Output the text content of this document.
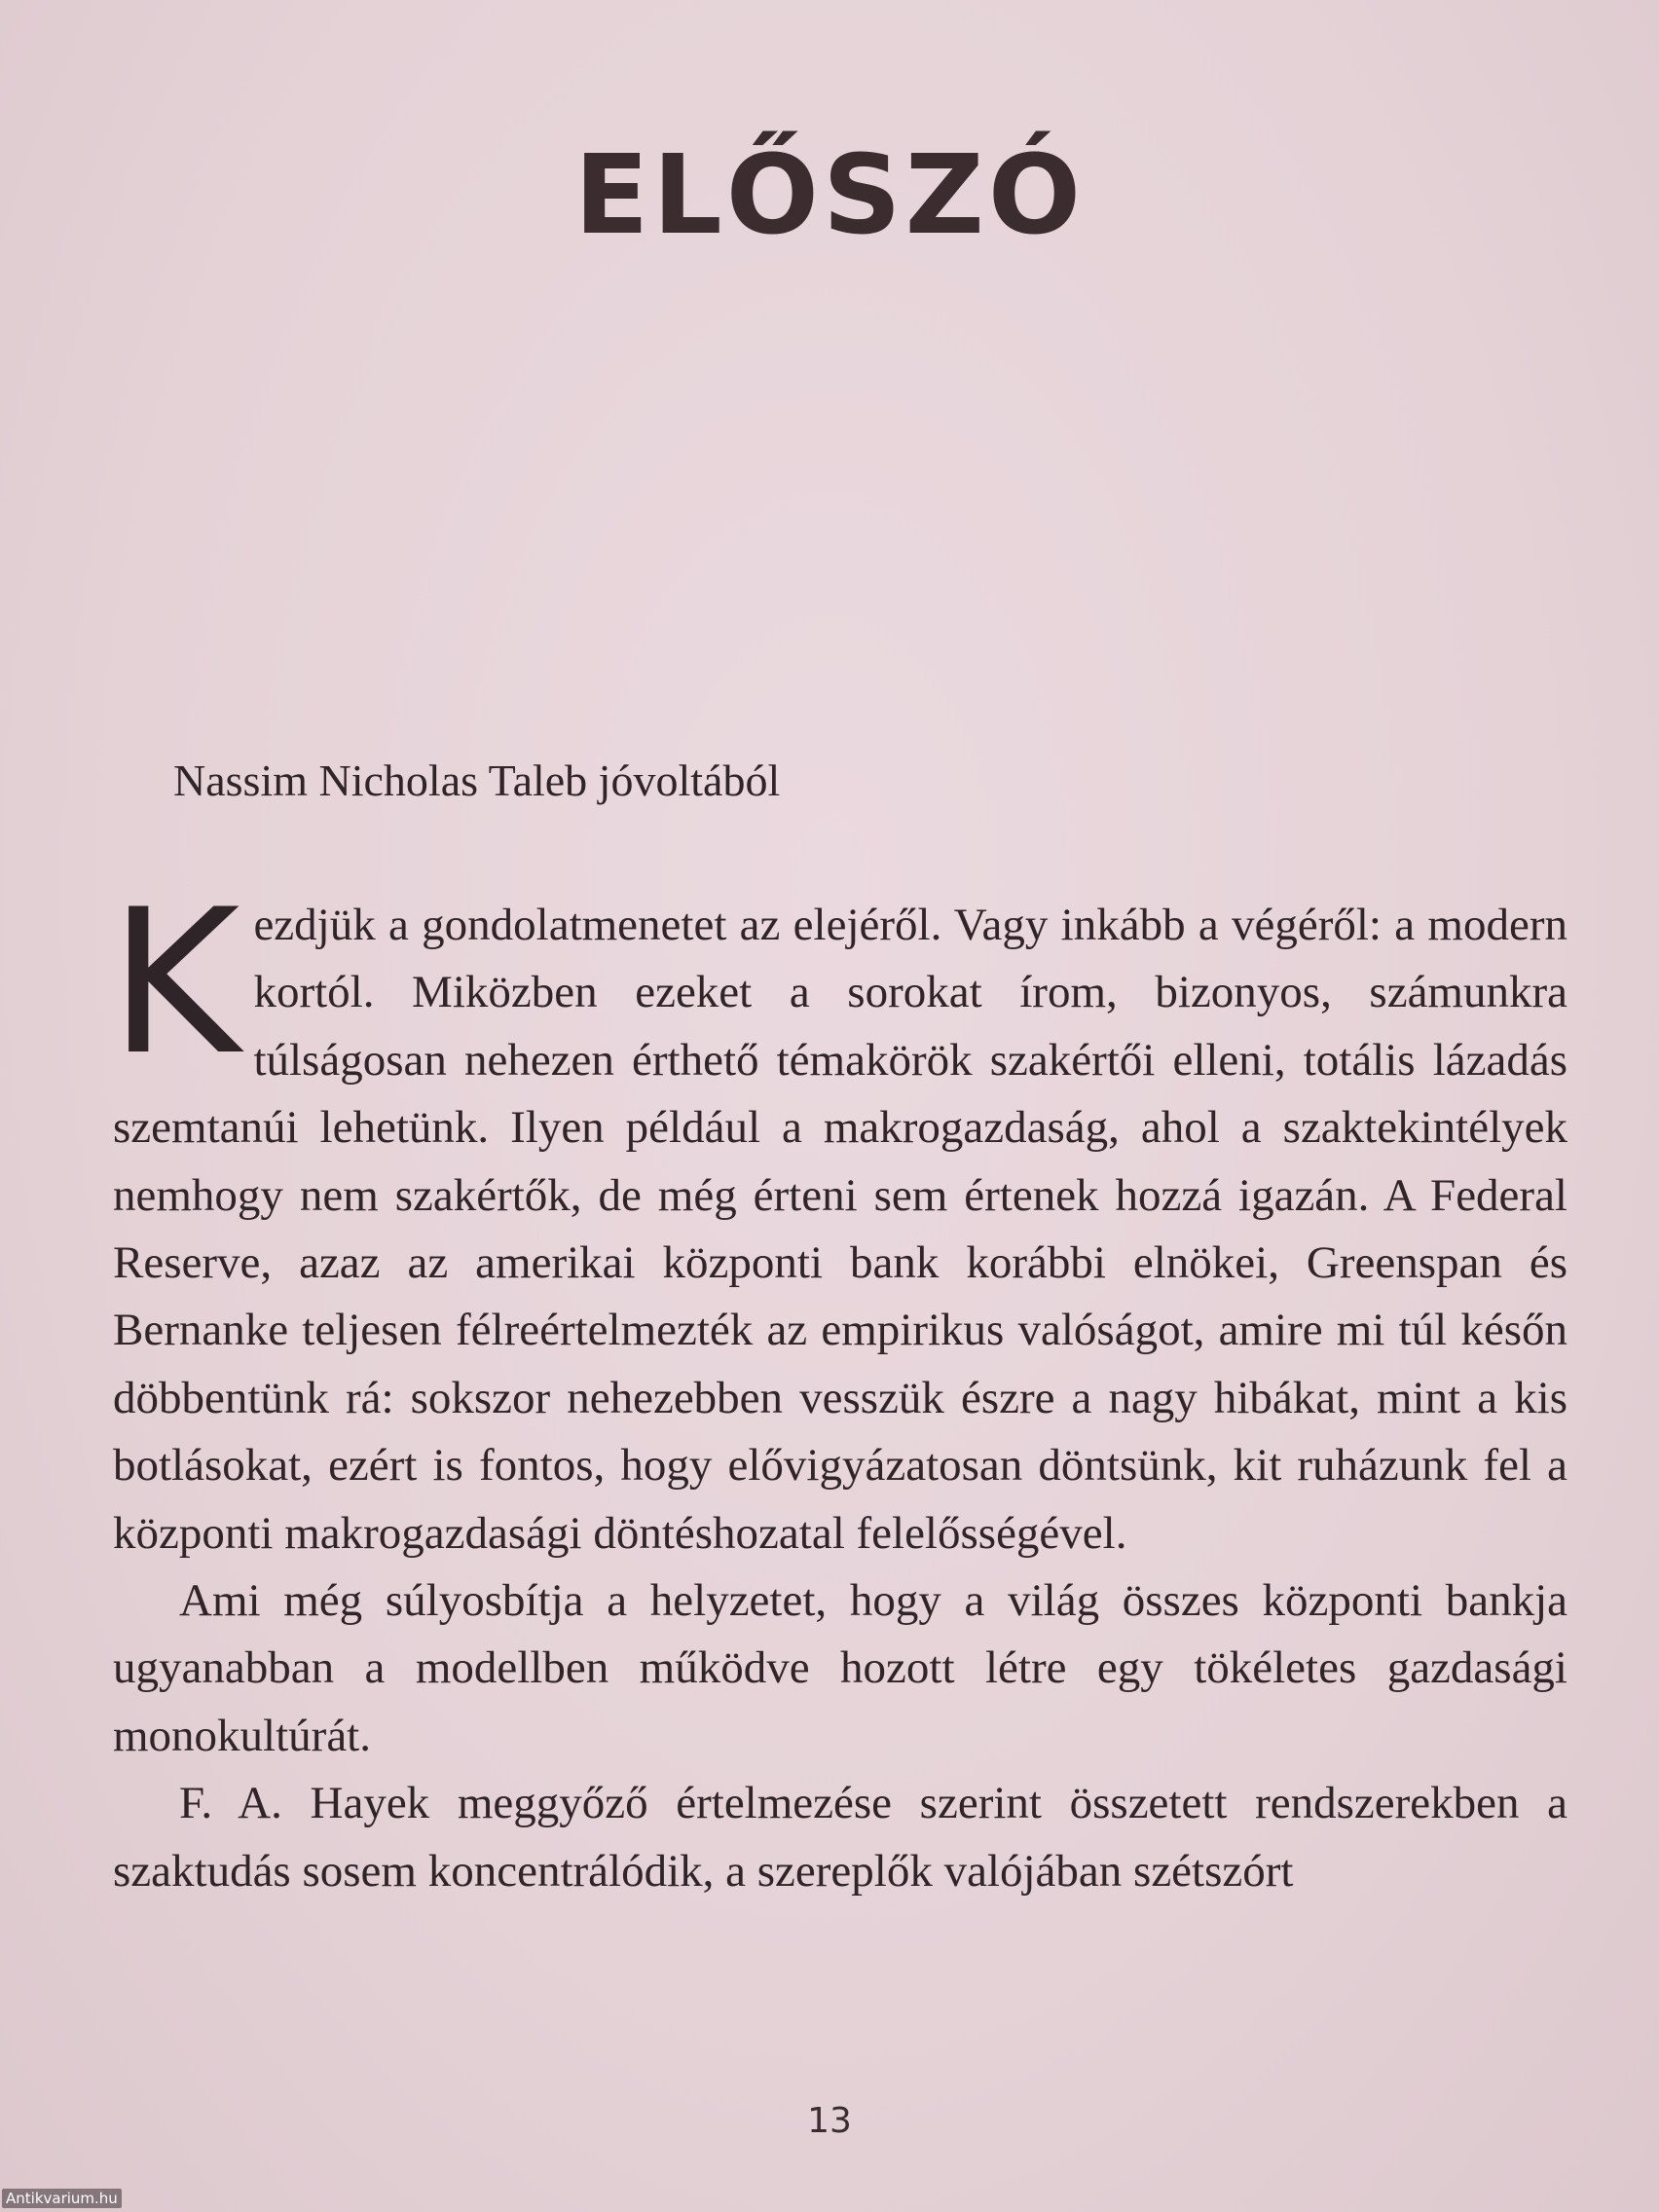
ELŐSZÓ

Nassim Nicholas Taleb jóvoltából

Kezdjük a gondolatmenetet az elejéről. Vagy inkább a végéről: a modern kortól. Miközben ezeket a sorokat írom, bizonyos, számunkra túlságosan nehezen érthető témakörök szakértői elleni, totális lázadás szemtanúi lehetünk. Ilyen például a makrogazdaság, ahol a szaktekintélyek nemhogy nem szakértők, de még érteni sem értenek hozzá igazán. A Federal Reserve, azaz az amerikai központi bank korábbi elnökei, Greenspan és Bernanke teljesen félreértelmezték az empirikus valóságot, amire mi túl későn döbbentünk rá: sokszor nehezebben vesszük észre a nagy hibákat, mint a kis botlásokat, ezért is fontos, hogy elővigyázatosan döntsünk, kit ruházunk fel a központi makrogazdasági döntéshozatal felelősségével.

Ami még súlyosbítja a helyzetet, hogy a világ összes központi bankja ugyanabban a modellben működve hozott létre egy tökéletes gazdasági monokultúrát.

F. A. Hayek meggyőző értelmezése szerint összetett rendszerekben a szaktudás sosem koncentrálódik, a szereplők valójában szétszórt

13
Antikvarium.hu
